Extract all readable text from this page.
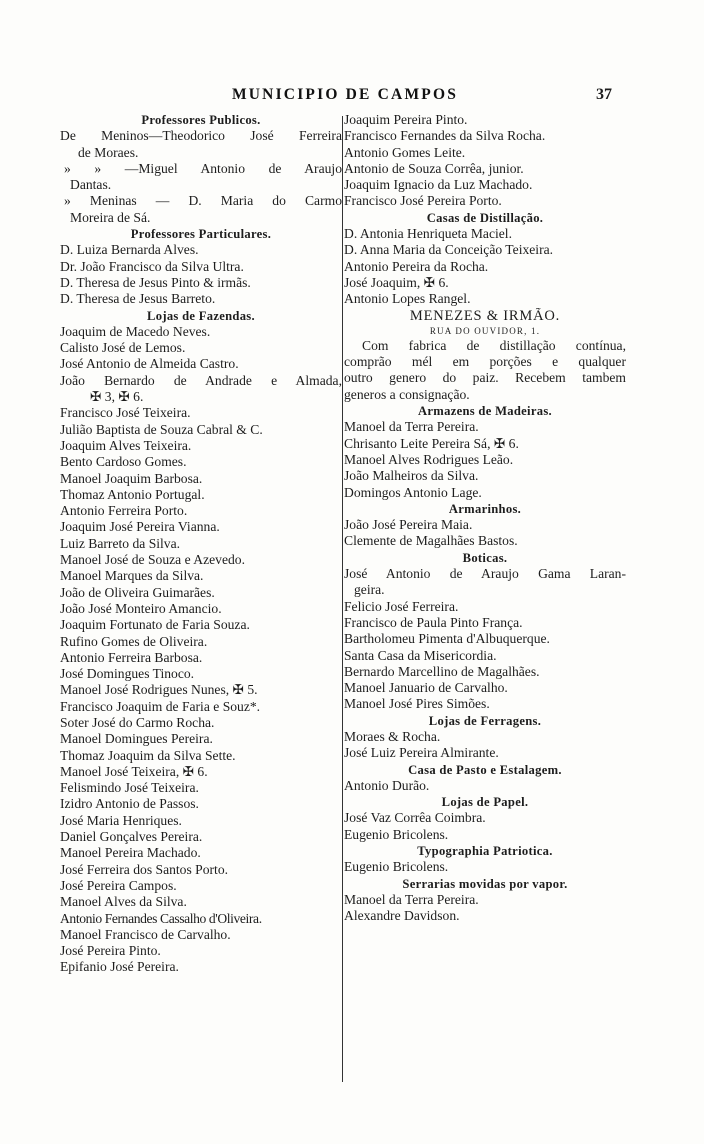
MUNICIPIO DE CAMPOS	37
Professores Publicos.
De Meninos—Theodorico José Ferreira
de Moraes.
» » —Miguel Antonio de Araujo
Dantas.
» Meninas — D. Maria do Carmo
Moreira de Sá.
Professores Particulares.
D. Luiza Bernarda Alves.
Dr. João Francisco da Silva Ultra.
D. Theresa de Jesus Pinto & irmãs.
D. Theresa de Jesus Barreto.
Lojas de Fazendas.
Joaquim de Macedo Neves.
Calisto José de Lemos.
José Antonio de Almeida Castro.
João Bernardo de Andrade e Almada,
✠ 3, ✠ 6.
Francisco José Teixeira.
Julião Baptista de Souza Cabral & C.
Joaquim Alves Teixeira.
Bento Cardoso Gomes.
Manoel Joaquim Barbosa.
Thomaz Antonio Portugal.
Antonio Ferreira Porto.
Joaquim José Pereira Vianna.
Luiz Barreto da Silva.
Manoel José de Souza e Azevedo.
Manoel Marques da Silva.
João de Oliveira Guimarães.
João José Monteiro Amancio.
Joaquim Fortunato de Faria Souza.
Rufino Gomes de Oliveira.
Antonio Ferreira Barbosa.
José Domingues Tinoco.
Manoel José Rodrigues Nunes, ✠ 5.
Francisco Joaquim de Faria e Souz*.
Soter José do Carmo Rocha.
Manoel Domingues Pereira.
Thomaz Joaquim da Silva Sette.
Manoel José Teixeira, ✠ 6.
Felismindo José Teixeira.
Izidro Antonio de Passos.
José Maria Henriques.
Daniel Gonçalves Pereira.
Manoel Pereira Machado.
José Ferreira dos Santos Porto.
José Pereira Campos.
Manoel Alves da Silva.
Antonio Fernandes Cassalho d'Oliveira.
Manoel Francisco de Carvalho.
José Pereira Pinto.
Epifanio José Pereira.
Joaquim Pereira Pinto.
Francisco Fernandes da Silva Rocha.
Antonio Gomes Leite.
Antonio de Souza Corrêa, junior.
Joaquim Ignacio da Luz Machado.
Francisco José Pereira Porto.
Casas de Distillação.
D. Antonia Henriqueta Maciel.
D. Anna Maria da Conceição Teixeira.
Antonio Pereira da Rocha.
José Joaquim, ✠ 6.
Antonio Lopes Rangel.
MENEZES & IRMÃO.
RUA DO OUVIDOR, 1.
Com fabrica de distillação contínua,
comprão mél em porções e qualquer
outro genero do paiz. Recebem tambem
generos a consignação.
Armazens de Madeiras.
Manoel da Terra Pereira.
Chrisanto Leite Pereira Sá, ✠ 6.
Manoel Alves Rodrigues Leão.
João Malheiros da Silva.
Domingos Antonio Lage.
Armarinhos.
João José Pereira Maia.
Clemente de Magalhães Bastos.
Boticas.
José Antonio de Araujo Gama Laran-
geira.
Felicio José Ferreira.
Francisco de Paula Pinto França.
Bartholomeu Pimenta d'Albuquerque.
Santa Casa da Misericordia.
Bernardo Marcellino de Magalhães.
Manoel Januario de Carvalho.
Manoel José Pires Simões.
Lojas de Ferragens.
Moraes & Rocha.
José Luiz Pereira Almirante.
Casa de Pasto e Estalagem.
Antonio Durão.
Lojas de Papel.
José Vaz Corrêa Coimbra.
Eugenio Bricolens.
Typographia Patriotica.
Eugenio Bricolens.
Serrarias movidas por vapor.
Manoel da Terra Pereira.
Alexandre Davidson.
